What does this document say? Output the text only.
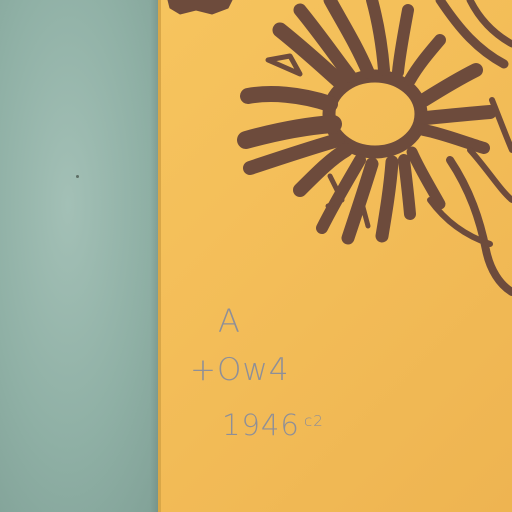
A
+Ow4
1946 c2
